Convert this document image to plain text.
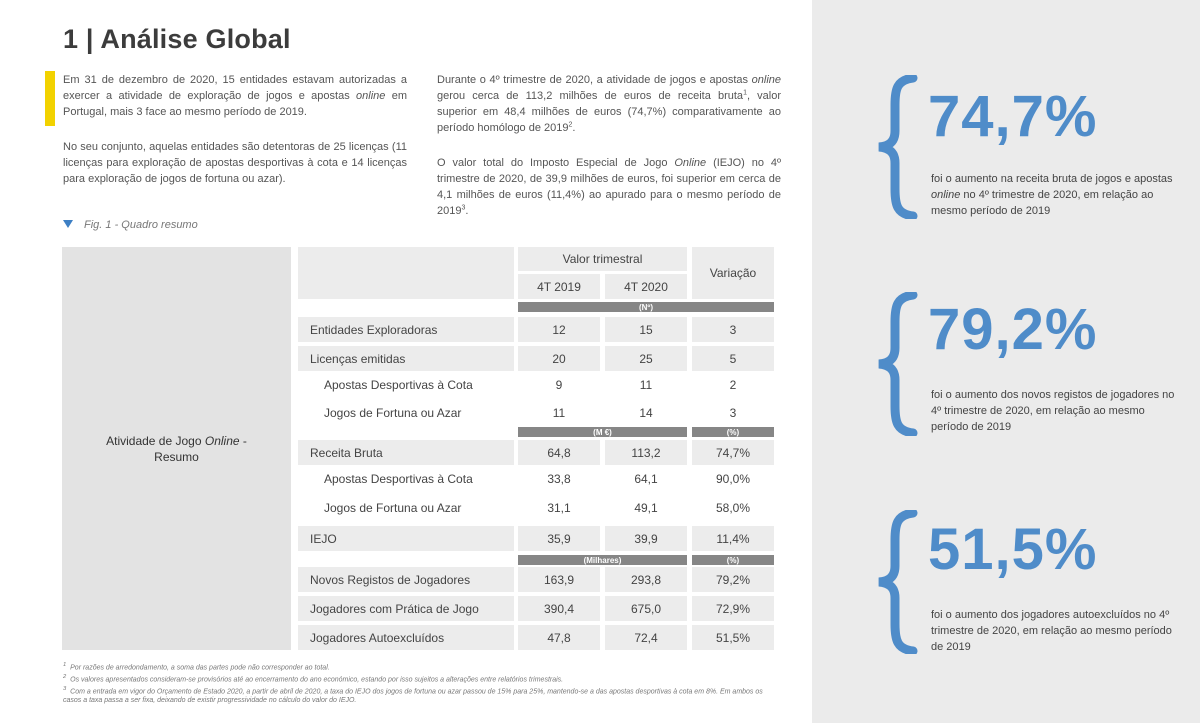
1 | Análise Global

Em 31 de dezembro de 2020, 15 entidades estavam autorizadas a exercer a atividade de exploração de jogos e apostas online em Portugal, mais 3 face ao mesmo período de 2019.

No seu conjunto, aquelas entidades são detentoras de 25 licenças (11 licenças para exploração de apostas desportivas à cota e 14 licenças para exploração de jogos de fortuna ou azar).

Durante o 4º trimestre de 2020, a atividade de jogos e apostas online gerou cerca de 113,2 milhões de euros de receita bruta$^1$, valor superior em 48,4 milhões de euros (74,7%) comparativamente ao período homólogo de 2019$^2$.

O valor total do Imposto Especial de Jogo Online (IEJO) no 4º trimestre de 2020, de 39,9 milhões de euros, foi superior em cerca de 4,1 milhões de euros (11,4%) ao apurado para o mesmo período de 2019$^3$.

Fig. 1 - Quadro resumo
Atividade de Jogo Online -
Resumo
Valor trimestral
4T 2019	4T 2020
Variação
(Nº)
Entidades Exploradoras	12	15	3
Licenças emitidas	20	25	5
Apostas Desportivas à Cota	9	11	2
Jogos de Fortuna ou Azar	11	14	3
(M €)	(%)
Receita Bruta	64,8	113,2	74,7%
Apostas Desportivas à Cota	33,8	64,1	90,0%
Jogos de Fortuna ou Azar	31,1	49,1	58,0%
IEJO	35,9	39,9	11,4%
(Milhares)	(%)
Novos Registos de Jogadores	163,9	293,8	79,2%
Jogadores com Prática de Jogo	390,4	675,0	72,9%
Jogadores Autoexcluídos	47,8	72,4	51,5%
$^1$ Por razões de arredondamento, a soma das partes pode não corresponder ao total.
$^2$ Os valores apresentados consideram-se provisórios até ao encerramento do ano económico, estando por isso sujeitos a alterações entre relatórios trimestrais.
$^3$ Com a entrada em vigor do Orçamento de Estado 2020, a partir de abril de 2020, a taxa do IEJO dos jogos de fortuna ou azar passou de 15% para 25%, mantendo-se a das apostas desportivas à cota em 8%. Em ambos os casos a taxa passa a ser fixa, deixando de existir progressividade no cálculo do valor do IEJO.
74,7%
foi o aumento na receita bruta de jogos e apostas online no 4º trimestre de 2020, em relação ao mesmo período de 2019
79,2%
foi o aumento dos novos registos de jogadores no 4º trimestre de 2020, em relação ao mesmo período de 2019
51,5%
foi o aumento dos jogadores autoexcluídos no 4º trimestre de 2020, em relação ao mesmo período de 2019
